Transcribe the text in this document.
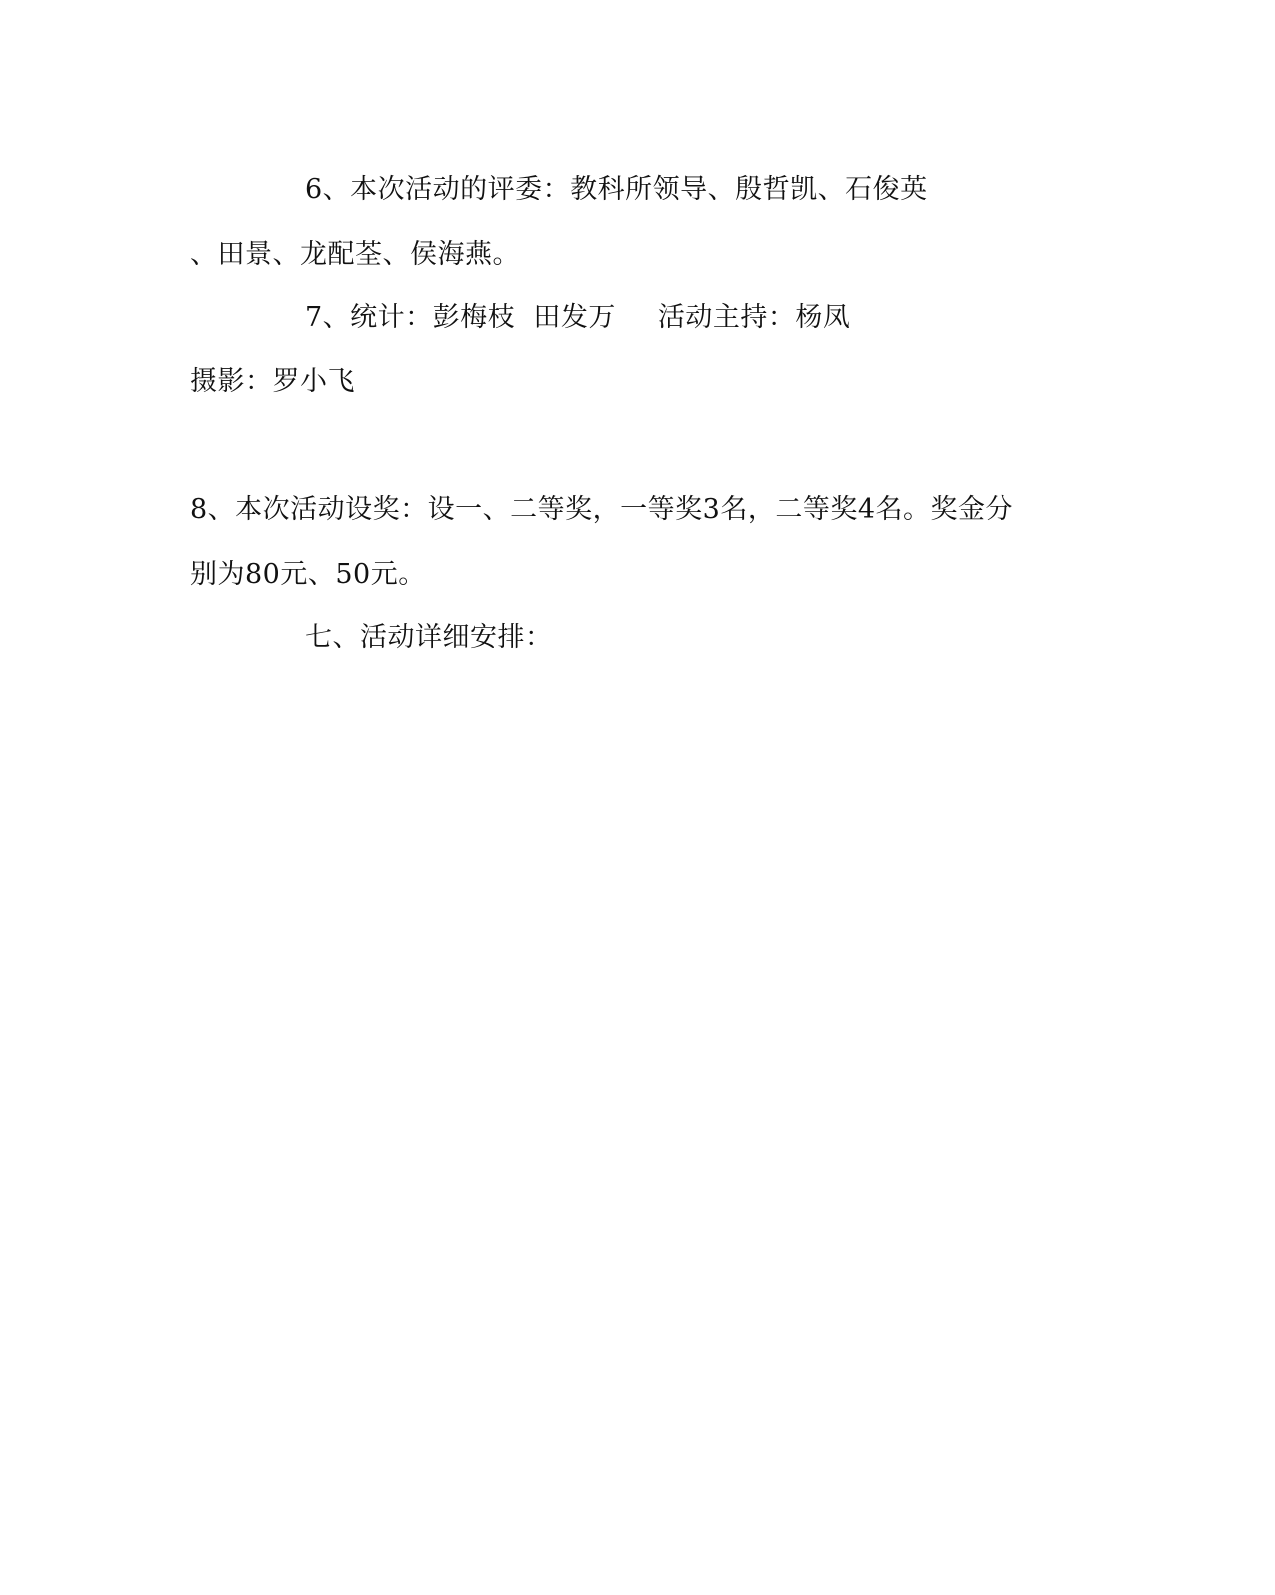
6、本次活动的评委：教科所领导、殷哲凯、石俊英
、田景、龙配荃、侯海燕。
7、统计：彭梅枝  田发万 活动主持：杨凤
摄影：罗小飞
8、本次活动设奖：设一、二等奖，一等奖3名，二等奖4名。奖金分
别为80元、50元。
七、活动详细安排：
